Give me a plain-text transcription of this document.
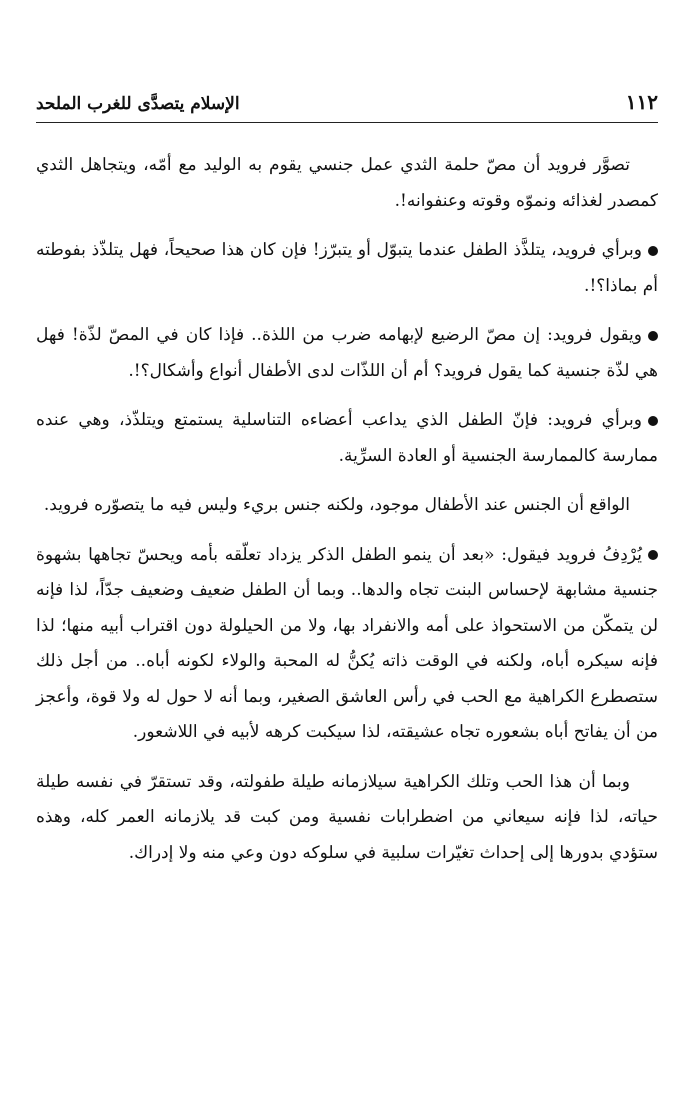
١١٢
الإسلام يتصدَّى للغرب الملحد

تصوَّر فرويد أن مصّ حلمة الثدي عمل جنسي يقوم به الوليد مع أمّه، ويتجاهل الثدي كمصدر لغذائه ونموّه وقوته وعنفوانه!.

وبرأي فرويد، يتلذَّذ الطفل عندما يتبوّل أو يتبرّز! فإن كان هذا صحيحاً، فهل يتلذّذ بفوطته أم بماذا؟!.

ويقول فرويد: إن مصّ الرضيع لإبهامه ضرب من اللذة.. فإذا كان في المصّ لذّة! فهل هي لذّة جنسية كما يقول فرويد؟ أم أن اللذّات لدى الأطفال أنواع وأشكال؟!.

وبرأي فرويد: فإنّ الطفل الذي يداعب أعضاءه التناسلية يستمتع ويتلذّذ، وهي عنده ممارسة كالممارسة الجنسية أو العادة السرِّية.

الواقع أن الجنس عند الأطفال موجود، ولكنه جنس بريء وليس فيه ما يتصوّره فرويد.

يُرْدِفُ فرويد فيقول: «بعد أن ينمو الطفل الذكر يزداد تعلّقه بأمه ويحسّ تجاهها بشهوة جنسية مشابهة لإحساس البنت تجاه والدها.. وبما أن الطفل ضعيف وضعيف جدّاً، لذا فإنه لن يتمكّن من الاستحواذ على أمه والانفراد بها، ولا من الحيلولة دون اقتراب أبيه منها؛ لذا فإنه سيكره أباه، ولكنه في الوقت ذاته يُكنُّ له المحبة والولاء لكونه أباه.. من أجل ذلك ستصطرع الكراهية مع الحب في رأس العاشق الصغير، وبما أنه لا حول له ولا قوة، وأعجز من أن يفاتح أباه بشعوره تجاه عشيقته، لذا سيكبت كرهه لأبيه في اللاشعور.

وبما أن هذا الحب وتلك الكراهية سيلازمانه طيلة طفولته، وقد تستقرّ في نفسه طيلة حياته، لذا فإنه سيعاني من اضطرابات نفسية ومن كبت قد يلازمانه العمر كله، وهذه ستؤدي بدورها إلى إحداث تغيّرات سلبية في سلوكه دون وعي منه ولا إدراك.
